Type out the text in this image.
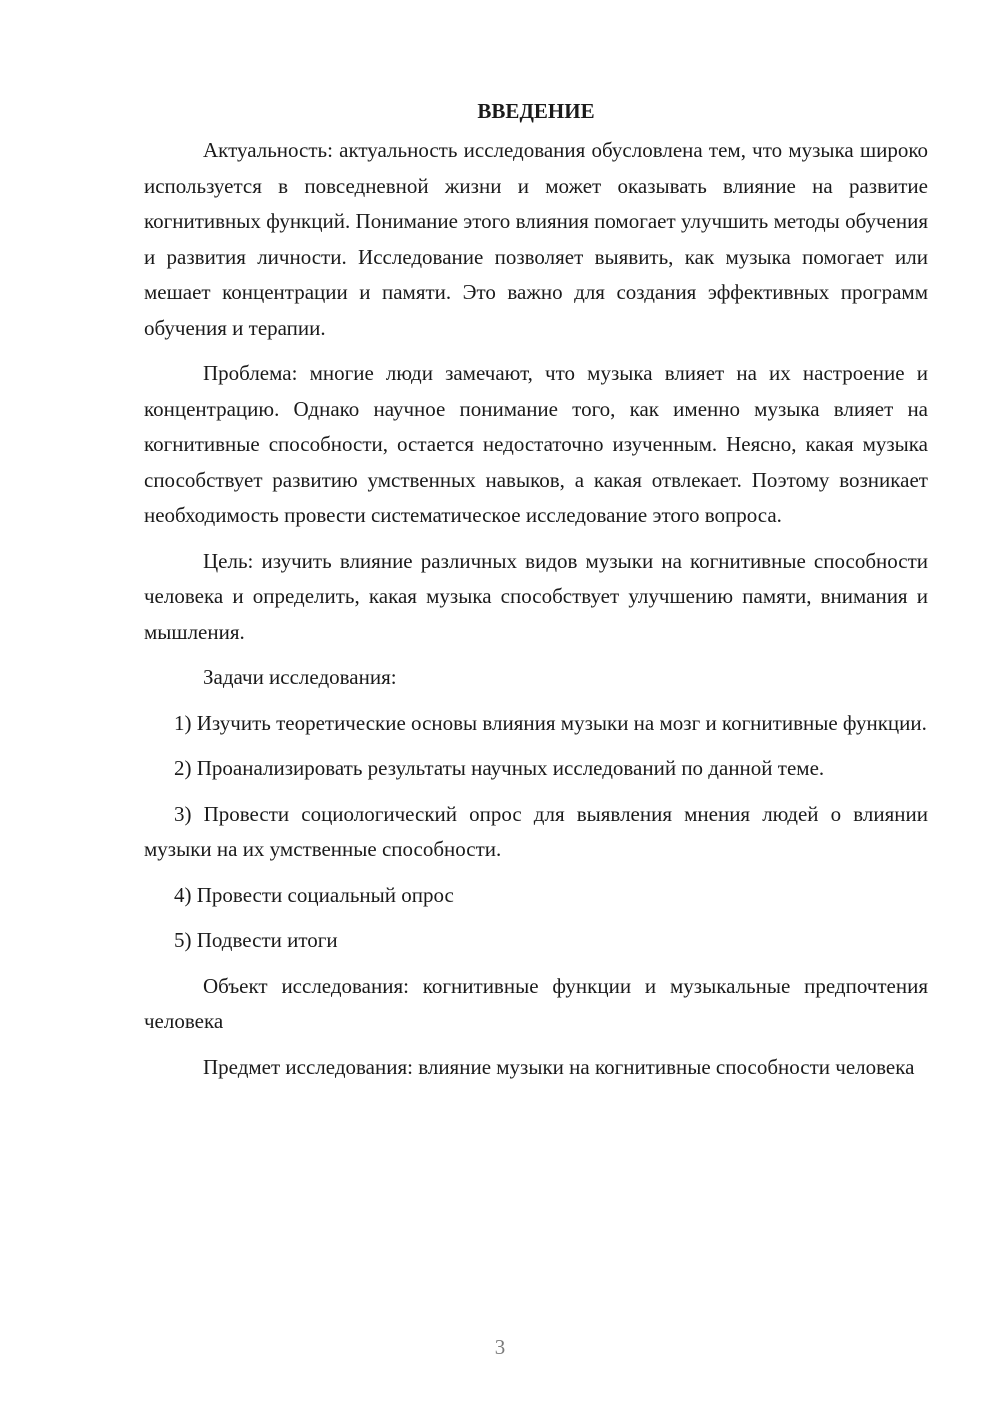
ВВЕДЕНИЕ

Актуальность: актуальность исследования обусловлена тем, что музыка широко используется в повседневной жизни и может оказывать влияние на развитие когнитивных функций. Понимание этого влияния помогает улучшить методы обучения и развития личности. Исследование позволяет выявить, как музыка помогает или мешает концентрации и памяти. Это важно для создания эффективных программ обучения и терапии.

Проблема: многие люди замечают, что музыка влияет на их настроение и концентрацию. Однако научное понимание того, как именно музыка влияет на когнитивные способности, остается недостаточно изученным. Неясно, какая музыка способствует развитию умственных навыков, а какая отвлекает. Поэтому возникает необходимость провести систематическое исследование этого вопроса.

Цель: изучить влияние различных видов музыки на когнитивные способности человека и определить, какая музыка способствует улучшению памяти, внимания и мышления.

Задачи исследования:

1) Изучить теоретические основы влияния музыки на мозг и когнитивные функции.

2) Проанализировать результаты научных исследований по данной теме.

3) Провести социологический опрос для выявления мнения людей о влиянии музыки на их умственные способности.

4) Провести социальный опрос

5) Подвести итоги

Объект исследования: когнитивные функции и музыкальные предпочтения человека

Предмет исследования: влияние музыки на когнитивные способности человека

3
